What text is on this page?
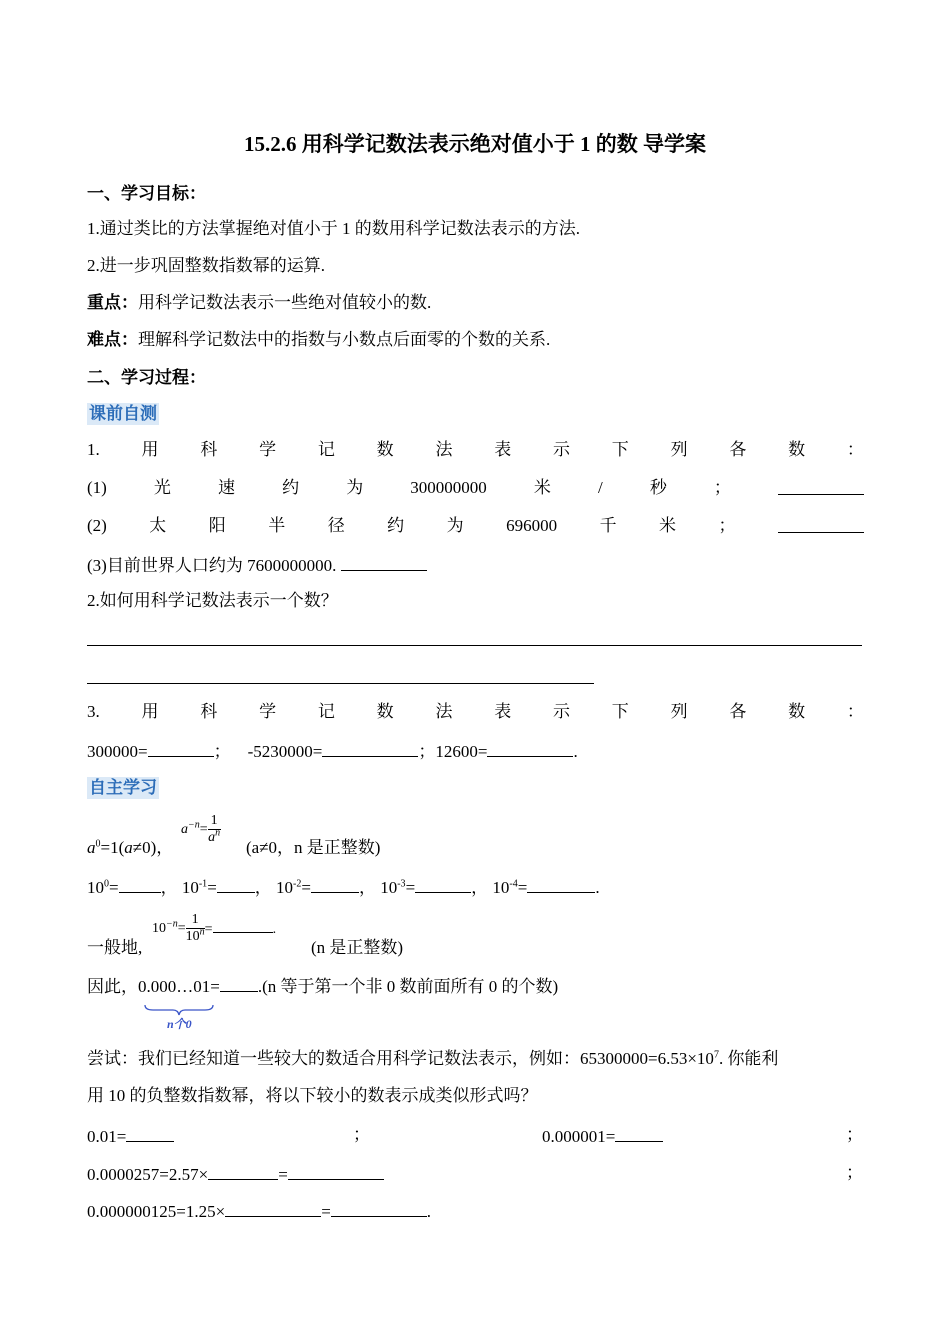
15.2.6 用科学记数法表示绝对值小于 1 的数 导学案
一、学习目标：
1.通过类比的方法掌握绝对值小于 1 的数用科学记数法表示的方法.
2.进一步巩固整数指数幂的运算.
重点：用科学记数法表示一些绝对值较小的数.
难点：理解科学记数法中的指数与小数点后面零的个数的关系.
二、学习过程：
课前自测
1. 用 科 学 记 数 法 表 示 下 列 各 数 ：
(1)	光	速	约	为	300000000	米	/	秒	；
(2) 太 阳 半 径 约 为 696000 千 米 ；
(3)目前世界人口约为 7600000000.
2.如何用科学记数法表示一个数？
3. 用 科 学 记 数 法 表 示 下 列 各 数 ：
300000=	； -5230000=	；12600=	.
自主学习
$a^{-n}= \frac{1}{a^n}$
$a^0=1(a\ne 0)$，	(a≠0，n 是正整数)
$10^0=$ ， $10^{-1}=$ ， $10^{-2}=$	， $10^{-3}=$	， $10^{-4}=$	.
$10^{-n}= \frac{1}{10^n}$ =	.
一般地,	(n 是正整数)
因此，0.000…01= .(n 等于第一个非 0 数前面所有 0 的个数)
n个0
尝试：我们已经知道一些较大的数适合用科学记数法表示，例如：$65300000=6.53\times 10^7$. 你能利
用 10 的负整数指数幂，将以下较小的数表示成类似形式吗？
0.01=	；	0.000001=	；
0.0000257=2.57×	=	；
0.000000125=1.25×	=	.
